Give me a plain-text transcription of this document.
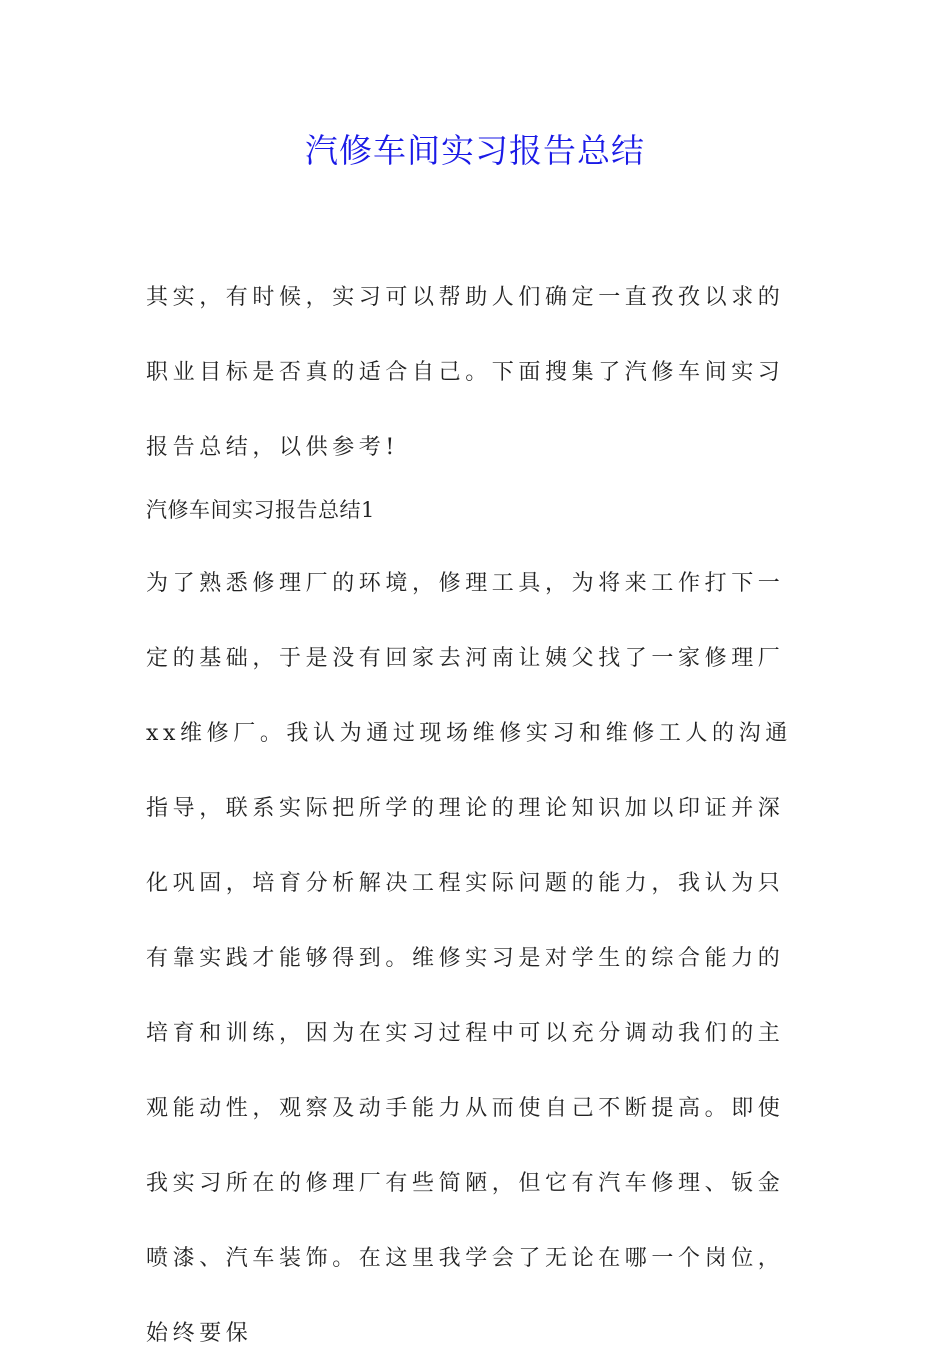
汽修车间实习报告总结
其实，有时候，实习可以帮助人们确定一直孜孜以求的职业目标是否真的适合自己。下面搜集了汽修车间实习报告总结，以供参考!
汽修车间实习报告总结1
为了熟悉修理厂的环境，修理工具，为将来工作打下一定的基础，于是没有回家去河南让姨父找了一家修理厂xx维修厂。我认为通过现场维修实习和维修工人的沟通指导，联系实际把所学的理论的理论知识加以印证并深化巩固，培育分析解决工程实际问题的能力，我认为只有靠实践才能够得到。维修实习是对学生的综合能力的培育和训练，因为在实习过程中可以充分调动我们的主观能动性，观察及动手能力从而使自己不断提高。即使我实习所在的修理厂有些简陋，但它有汽车修理、钣金喷漆、汽车装饰。在这里我学会了无论在哪一个岗位，始终要保
